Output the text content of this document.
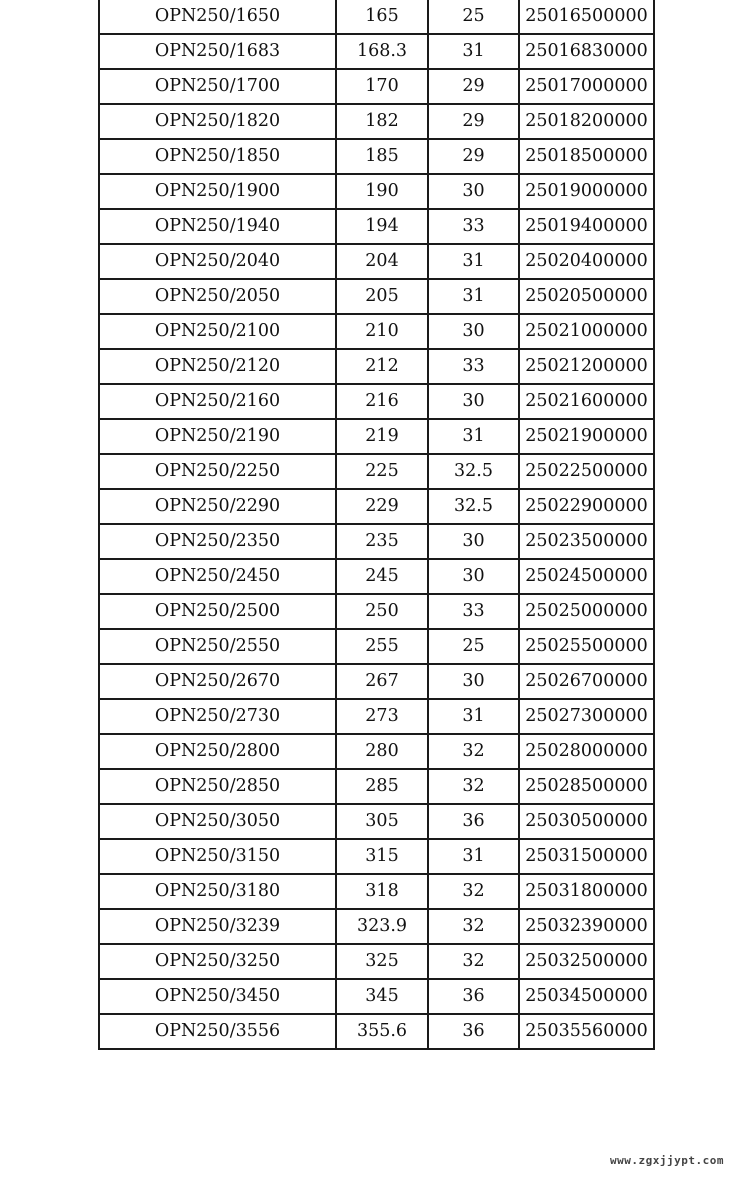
OPN250/1650	165	25	25016500000
OPN250/1683	168.3	31	25016830000
OPN250/1700	170	29	25017000000
OPN250/1820	182	29	25018200000
OPN250/1850	185	29	25018500000
OPN250/1900	190	30	25019000000
OPN250/1940	194	33	25019400000
OPN250/2040	204	31	25020400000
OPN250/2050	205	31	25020500000
OPN250/2100	210	30	25021000000
OPN250/2120	212	33	25021200000
OPN250/2160	216	30	25021600000
OPN250/2190	219	31	25021900000
OPN250/2250	225	32.5	25022500000
OPN250/2290	229	32.5	25022900000
OPN250/2350	235	30	25023500000
OPN250/2450	245	30	25024500000
OPN250/2500	250	33	25025000000
OPN250/2550	255	25	25025500000
OPN250/2670	267	30	25026700000
OPN250/2730	273	31	25027300000
OPN250/2800	280	32	25028000000
OPN250/2850	285	32	25028500000
OPN250/3050	305	36	25030500000
OPN250/3150	315	31	25031500000
OPN250/3180	318	32	25031800000
OPN250/3239	323.9	32	25032390000
OPN250/3250	325	32	25032500000
OPN250/3450	345	36	25034500000
OPN250/3556	355.6	36	25035560000
www.zgxjjypt.com
